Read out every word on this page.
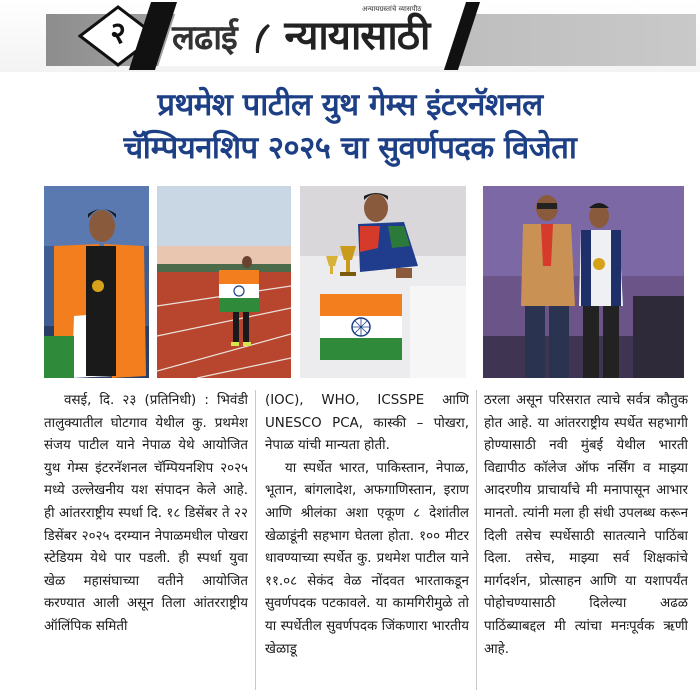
२	लढाई न्यायासाठी
अन्यायग्रस्तांचे व्यासपीठ
प्रथमेश पाटील युथ गेम्स इंटरनॅशनल
चॅम्पियनशिप २०२५ चा सुवर्णपदक विजेता

वसई, दि. २३ (प्रतिनिधी) : भिवंडी तालुक्यातील घोटगाव येथील कु. प्रथमेश संजय पाटील याने नेपाळ येथे आयोजित युथ गेम्स इंटरनॅशनल चॅम्पियनशिप २०२५ मध्ये उल्लेखनीय यश संपादन केले आहे. ही आंतरराष्ट्रीय स्पर्धा दि. १८ डिसेंबर ते २२ डिसेंबर २०२५ दरम्यान नेपाळमधील पोखरा स्टेडियम येथे पार पडली. ही स्पर्धा युवा खेळ महासंघाच्या वतीने आयोजित करण्यात आली असून तिला आंतरराष्ट्रीय ऑलिंपिक समिती

(IOC), WHO, ICSSPE आणि UNESCO PCA, कास्की – पोखरा, नेपाळ यांची मान्यता होती.

या स्पर्धेत भारत, पाकिस्तान, नेपाळ, भूतान, बांगलादेश, अफगाणिस्तान, इराण आणि श्रीलंका अशा एकूण ८ देशांतील खेळाडूंनी सहभाग घेतला होता. १०० मीटर धावण्याच्या स्पर्धेत कु. प्रथमेश पाटील याने ११.०८ सेकंद वेळ नोंदवत भारताकडून सुवर्णपदक पटकावले. या कामगिरीमुळे तो या स्पर्धेतील सुवर्णपदक जिंकणारा भारतीय खेळाडू

ठरला असून परिसरात त्याचे सर्वत्र कौतुक होत आहे. या आंतरराष्ट्रीय स्पर्धेत सहभागी होण्यासाठी नवी मुंबई येथील भारती विद्यापीठ कॉलेज ऑफ नर्सिंग व माझ्या आदरणीय प्राचार्यांचे मी मनापासून आभार मानतो. त्यांनी मला ही संधी उपलब्ध करून दिली तसेच स्पर्धेसाठी सातत्याने पाठिंबा दिला. तसेच, माझ्या सर्व शिक्षकांचे मार्गदर्शन, प्रोत्साहन आणि या यशापर्यंत पोहोचण्यासाठी दिलेल्या अढळ पाठिंब्याबद्दल मी त्यांचा मनःपूर्वक ऋणी आहे.
